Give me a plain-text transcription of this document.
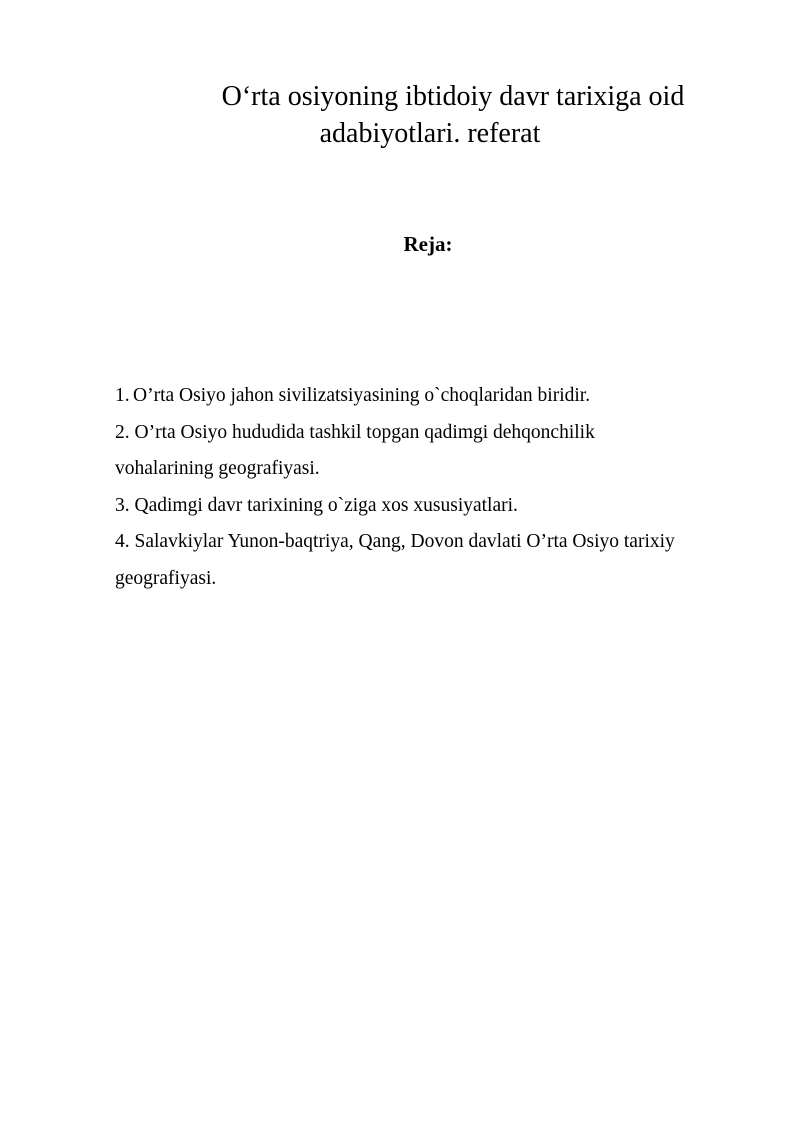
O‘rta osiyoning ibtidoiy davr tarixiga oid
adabiyotlari. referat
Reja:
1. O’rta Osiyo jahon sivilizatsiyasining o`choqlaridan biridir.
2. O’rta Osiyo hududida tashkil topgan qadimgi dehqonchilik
vohalarining geografiyasi.
3. Qadimgi davr tarixining o`ziga xos xususiyatlari.
4. Salavkiylar Yunon-baqtriya, Qang, Dovon davlati O’rta Osiyo tarixiy
geografiyasi.
